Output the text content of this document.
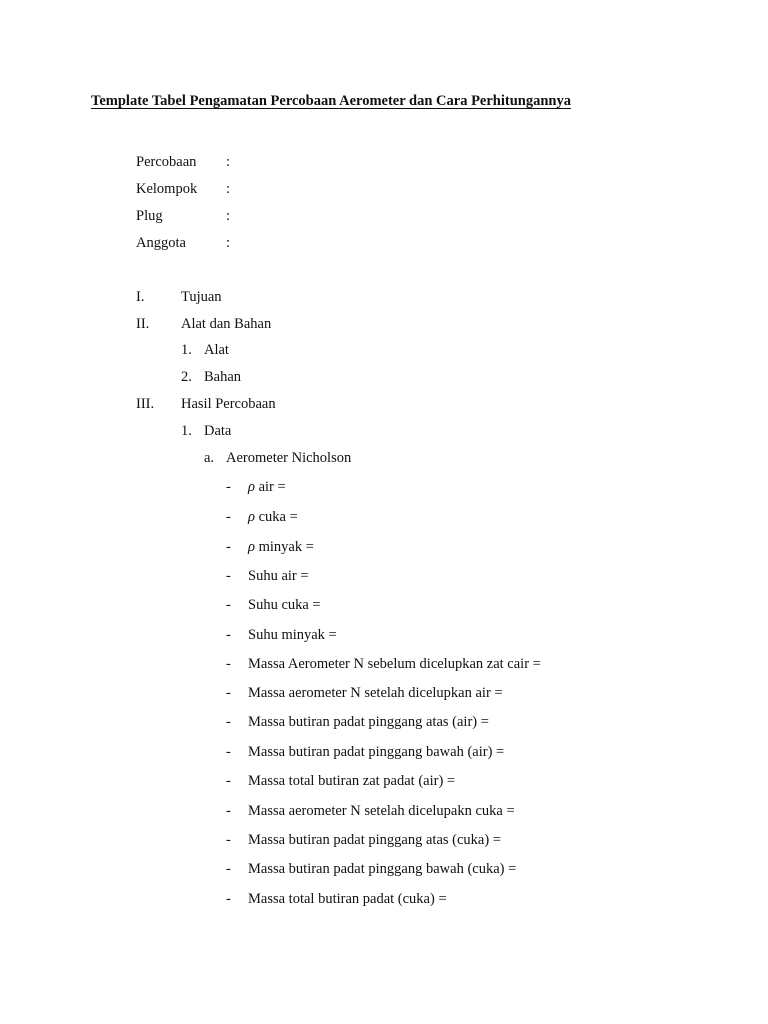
Template Tabel Pengamatan Percobaan Aerometer dan Cara Perhitungannya
Percobaan :
Kelompok :
Plug	:
Anggota	:
I.	Tujuan
II. Alat dan Bahan
1. Alat
2. Bahan
III. Hasil Percobaan
1. Data
a. Aerometer Nicholson
- ρ air =
- ρ cuka =
- ρ minyak =
- Suhu air =
- Suhu cuka =
- Suhu minyak =
- Massa Aerometer N sebelum dicelupkan zat cair =
- Massa aerometer N setelah dicelupkan air =
- Massa butiran padat pinggang atas (air) =
- Massa butiran padat pinggang bawah (air) =
- Massa total butiran zat padat (air) =
- Massa aerometer N setelah dicelupakn cuka =
- Massa butiran padat pinggang atas (cuka) =
- Massa butiran padat pinggang bawah (cuka) =
- Massa total butiran padat (cuka) =
